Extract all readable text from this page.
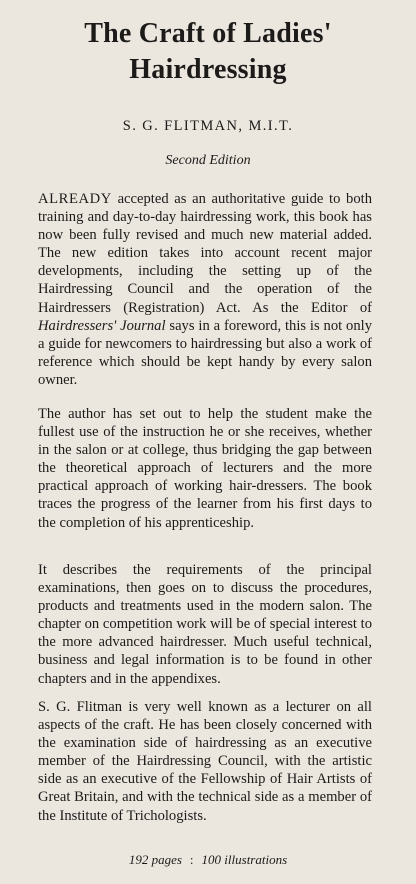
The Craft of Ladies'
Hairdressing
S. G. FLITMAN, M.I.T.
Second Edition

ALREADY accepted as an authoritative guide to both training and day-to-day hairdressing work, this book has now been fully revised and much new material added. The new edition takes into account recent major developments, including the setting up of the Hairdressing Council and the operation of the Hairdressers (Registration) Act. As the Editor of Hairdressers' Journal says in a foreword, this is not only a guide for newcomers to hairdressing but also a work of reference which should be kept handy by every salon owner.

The author has set out to help the student make the fullest use of the instruction he or she receives, whether in the salon or at college, thus bridging the gap between the theoretical approach of lecturers and the more practical approach of working hair-dressers. The book traces the progress of the learner from his first days to the completion of his apprenticeship.

It describes the requirements of the principal examinations, then goes on to discuss the procedures, products and treatments used in the modern salon. The chapter on competition work will be of special interest to the more advanced hairdresser. Much useful technical, business and legal information is to be found in other chapters and in the appendixes.

S. G. Flitman is very well known as a lecturer on all aspects of the craft. He has been closely concerned with the examination side of hairdressing as an executive member of the Hairdressing Council, with the artistic side as an executive of the Fellowship of Hair Artists of Great Britain, and with the technical side as a member of the Institute of Trichologists.

192 pages : 100 illustrations
